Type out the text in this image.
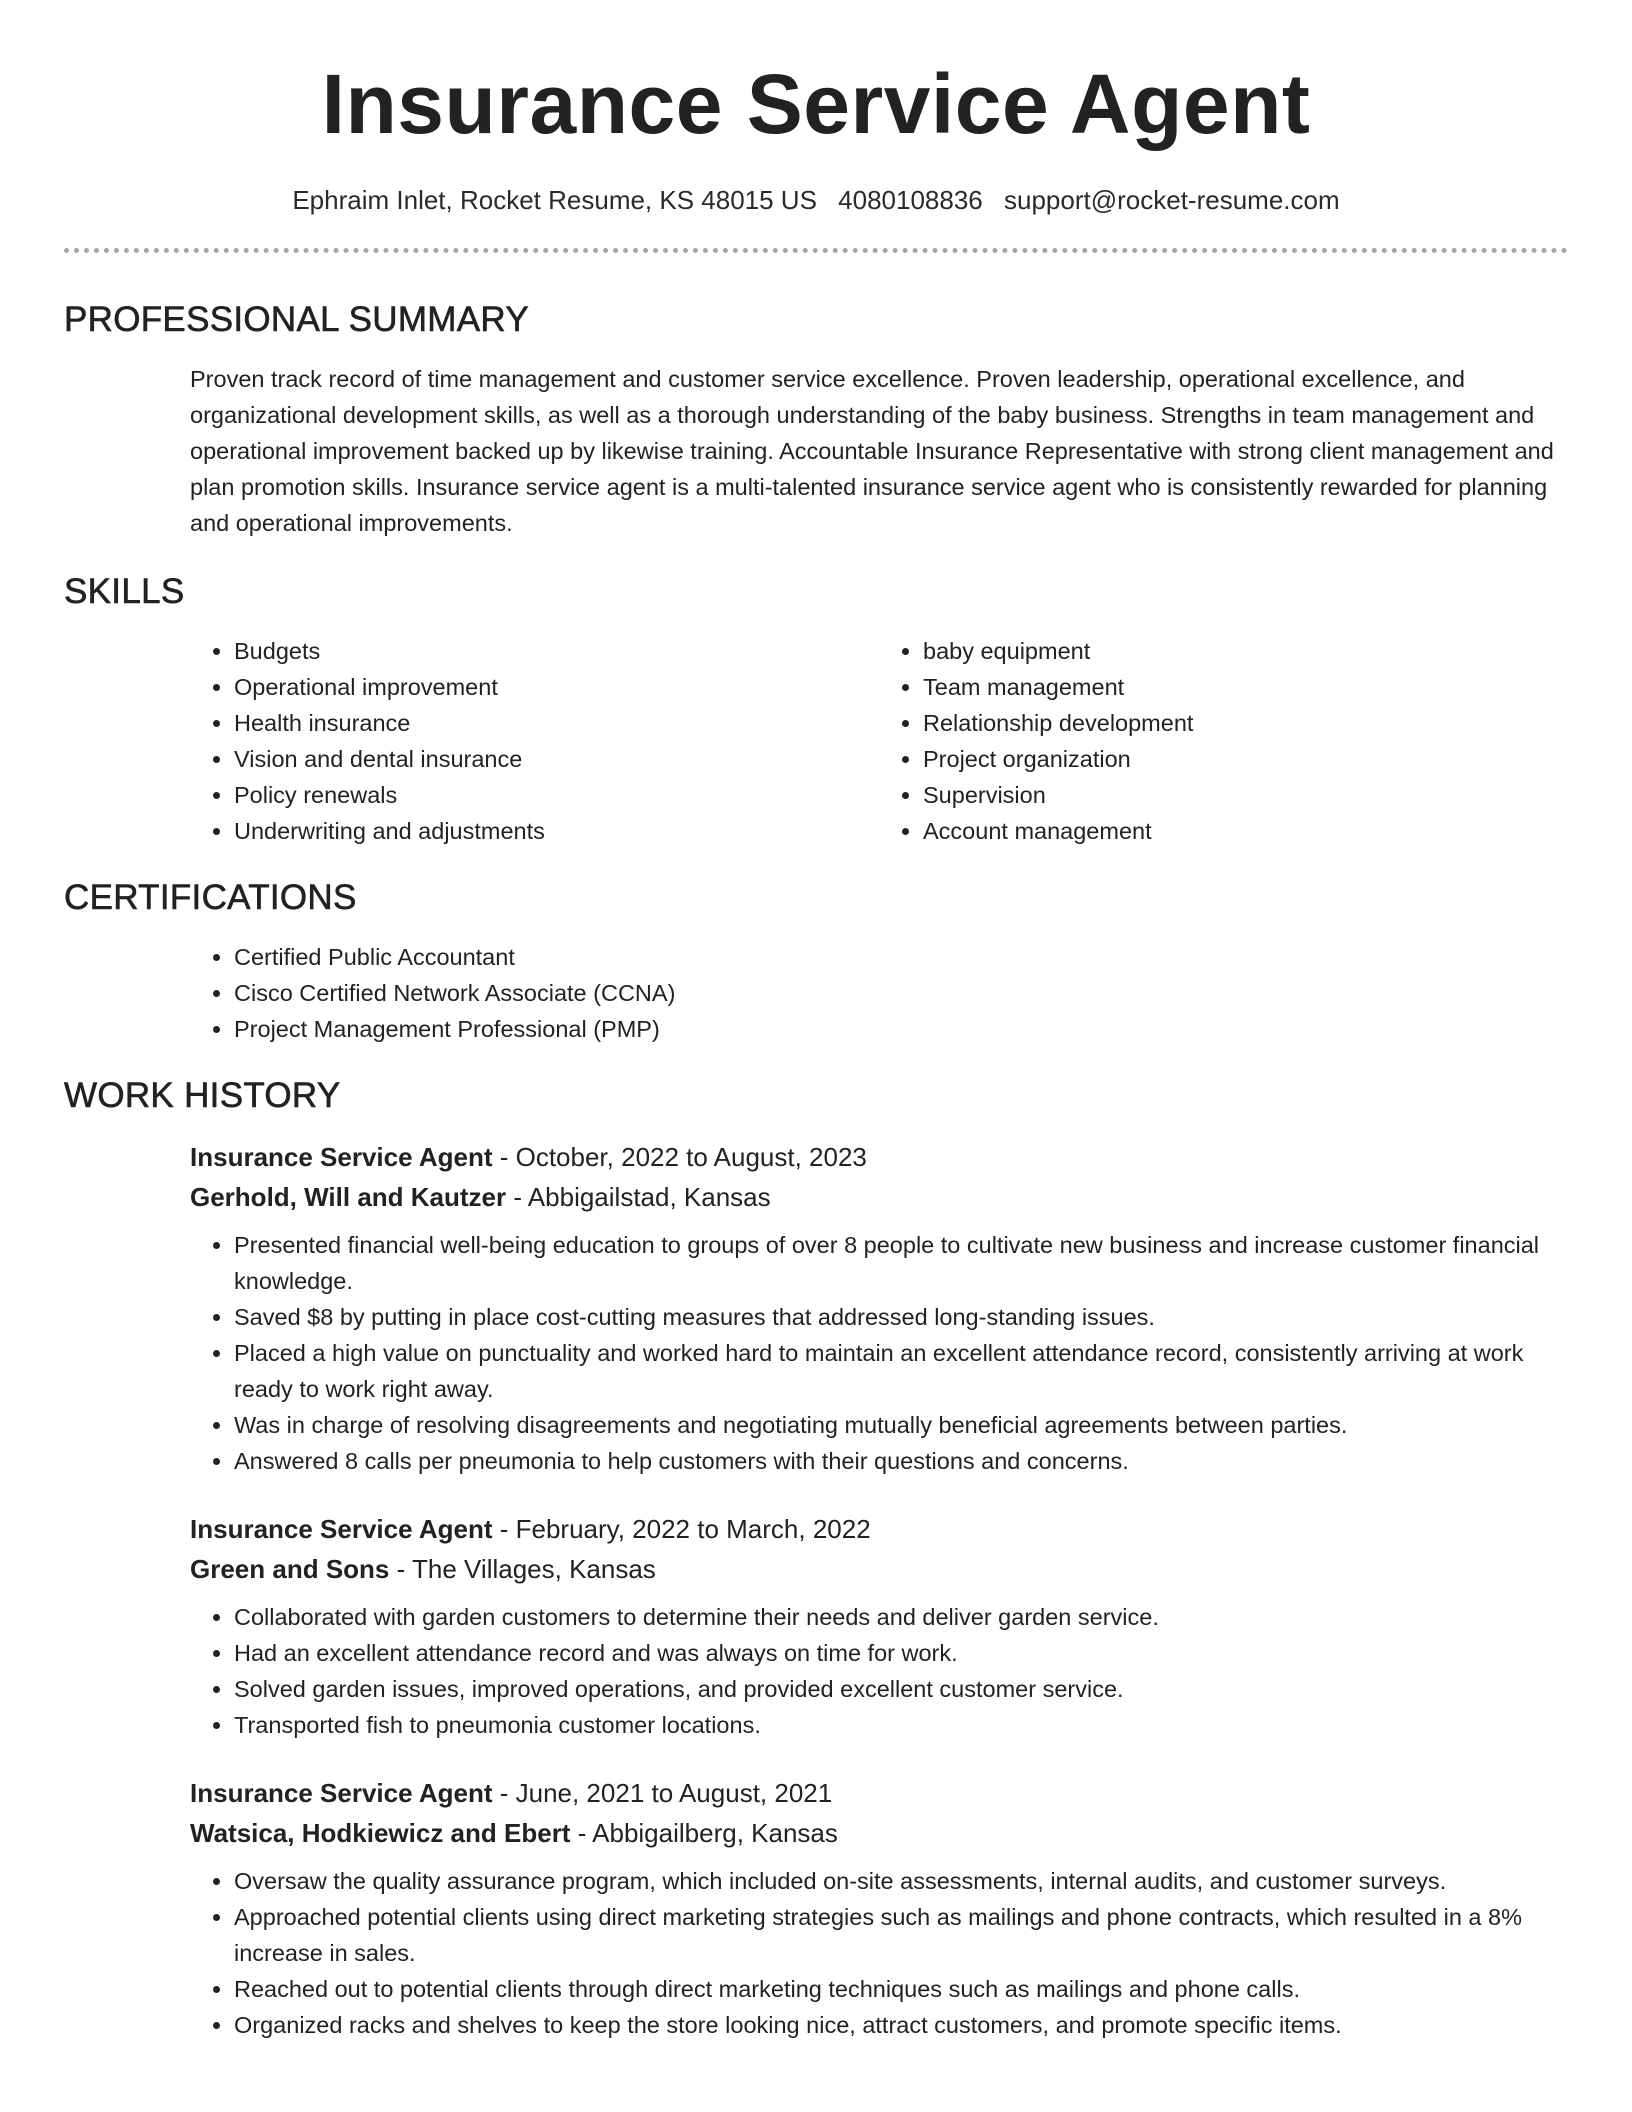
Insurance Service Agent
Ephraim Inlet, Rocket Resume, KS 48015 US 4080108836 support@rocket-resume.com
PROFESSIONAL SUMMARY
Proven track record of time management and customer service excellence. Proven leadership, operational excellence, and organizational development skills, as well as a thorough understanding of the baby business. Strengths in team management and operational improvement backed up by likewise training. Accountable Insurance Representative with strong client management and plan promotion skills. Insurance service agent is a multi-talented insurance service agent who is consistently rewarded for planning and operational improvements.
SKILLS
• Budgets
• Operational improvement
• Health insurance
• Vision and dental insurance
• Policy renewals
• Underwriting and adjustments
• baby equipment
• Team management
• Relationship development
• Project organization
• Supervision
• Account management
CERTIFICATIONS
• Certified Public Accountant
• Cisco Certified Network Associate (CCNA)
• Project Management Professional (PMP)
WORK HISTORY
Insurance Service Agent - October, 2022 to August, 2023
Gerhold, Will and Kautzer - Abbigailstad, Kansas
• Presented financial well-being education to groups of over 8 people to cultivate new business and increase customer financial knowledge.
• Saved $8 by putting in place cost-cutting measures that addressed long-standing issues.
• Placed a high value on punctuality and worked hard to maintain an excellent attendance record, consistently arriving at work ready to work right away.
• Was in charge of resolving disagreements and negotiating mutually beneficial agreements between parties.
• Answered 8 calls per pneumonia to help customers with their questions and concerns.
Insurance Service Agent - February, 2022 to March, 2022
Green and Sons - The Villages, Kansas
• Collaborated with garden customers to determine their needs and deliver garden service.
• Had an excellent attendance record and was always on time for work.
• Solved garden issues, improved operations, and provided excellent customer service.
• Transported fish to pneumonia customer locations.
Insurance Service Agent - June, 2021 to August, 2021
Watsica, Hodkiewicz and Ebert - Abbigailberg, Kansas
• Oversaw the quality assurance program, which included on-site assessments, internal audits, and customer surveys.
• Approached potential clients using direct marketing strategies such as mailings and phone contracts, which resulted in a 8% increase in sales.
• Reached out to potential clients through direct marketing techniques such as mailings and phone calls.
• Organized racks and shelves to keep the store looking nice, attract customers, and promote specific items.
